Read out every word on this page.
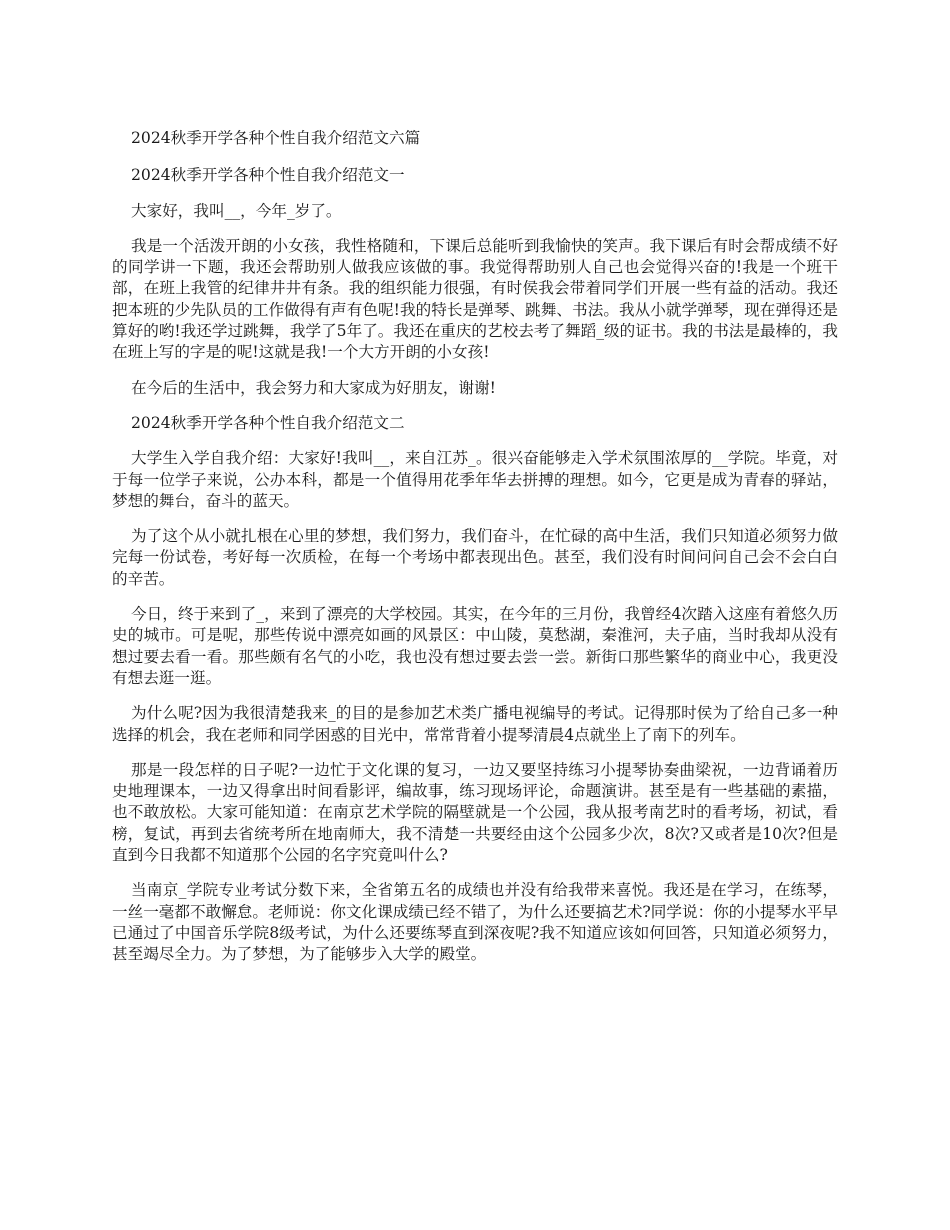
2024秋季开学各种个性自我介绍范文六篇

2024秋季开学各种个性自我介绍范文一

大家好，我叫__，今年_岁了。

我是一个活泼开朗的小女孩，我性格随和，下课后总能听到我愉快的笑声。我下课后有时会帮成绩不好的同学讲一下题，我还会帮助别人做我应该做的事。我觉得帮助别人自己也会觉得兴奋的!我是一个班干部，在班上我管的纪律井井有条。我的组织能力很强，有时侯我会带着同学们开展一些有益的活动。我还把本班的少先队员的工作做得有声有色呢!我的特长是弹琴、跳舞、书法。我从小就学弹琴，现在弹得还是算好的哟!我还学过跳舞，我学了5年了。我还在重庆的艺校去考了舞蹈_级的证书。我的书法是最棒的，我在班上写的字是的呢!这就是我!一个大方开朗的小女孩!

在今后的生活中，我会努力和大家成为好朋友，谢谢!

2024秋季开学各种个性自我介绍范文二

大学生入学自我介绍：大家好!我叫__，来自江苏_。很兴奋能够走入学术氛围浓厚的__学院。毕竟，对于每一位学子来说，公办本科，都是一个值得用花季年华去拼搏的理想。如今，它更是成为青春的驿站，梦想的舞台，奋斗的蓝天。

为了这个从小就扎根在心里的梦想，我们努力，我们奋斗，在忙碌的高中生活，我们只知道必须努力做完每一份试卷，考好每一次质检，在每一个考场中都表现出色。甚至，我们没有时间问问自己会不会白白的辛苦。

今日，终于来到了_，来到了漂亮的大学校园。其实，在今年的三月份，我曾经4次踏入这座有着悠久历史的城市。可是呢，那些传说中漂亮如画的风景区：中山陵，莫愁湖，秦淮河，夫子庙，当时我却从没有想过要去看一看。那些颇有名气的小吃，我也没有想过要去尝一尝。新街口那些繁华的商业中心，我更没有想去逛一逛。

为什么呢?因为我很清楚我来_的目的是参加艺术类广播电视编导的考试。记得那时侯为了给自己多一种选择的机会，我在老师和同学困惑的目光中，常常背着小提琴清晨4点就坐上了南下的列车。

那是一段怎样的日子呢?一边忙于文化课的复习，一边又要坚持练习小提琴协奏曲梁祝，一边背诵着历史地理课本，一边又得拿出时间看影评，编故事，练习现场评论，命题演讲。甚至是有一些基础的素描，也不敢放松。大家可能知道：在南京艺术学院的隔壁就是一个公园，我从报考南艺时的看考场，初试，看榜，复试，再到去省统考所在地南师大，我不清楚一共要经由这个公园多少次，8次?又或者是10次?但是直到今日我都不知道那个公园的名字究竟叫什么?

当南京_学院专业考试分数下来，全省第五名的成绩也并没有给我带来喜悦。我还是在学习，在练琴，一丝一毫都不敢懈怠。老师说：你文化课成绩已经不错了，为什么还要搞艺术?同学说：你的小提琴水平早已通过了中国音乐学院8级考试，为什么还要练琴直到深夜呢?我不知道应该如何回答，只知道必须努力，甚至竭尽全力。为了梦想，为了能够步入大学的殿堂。
